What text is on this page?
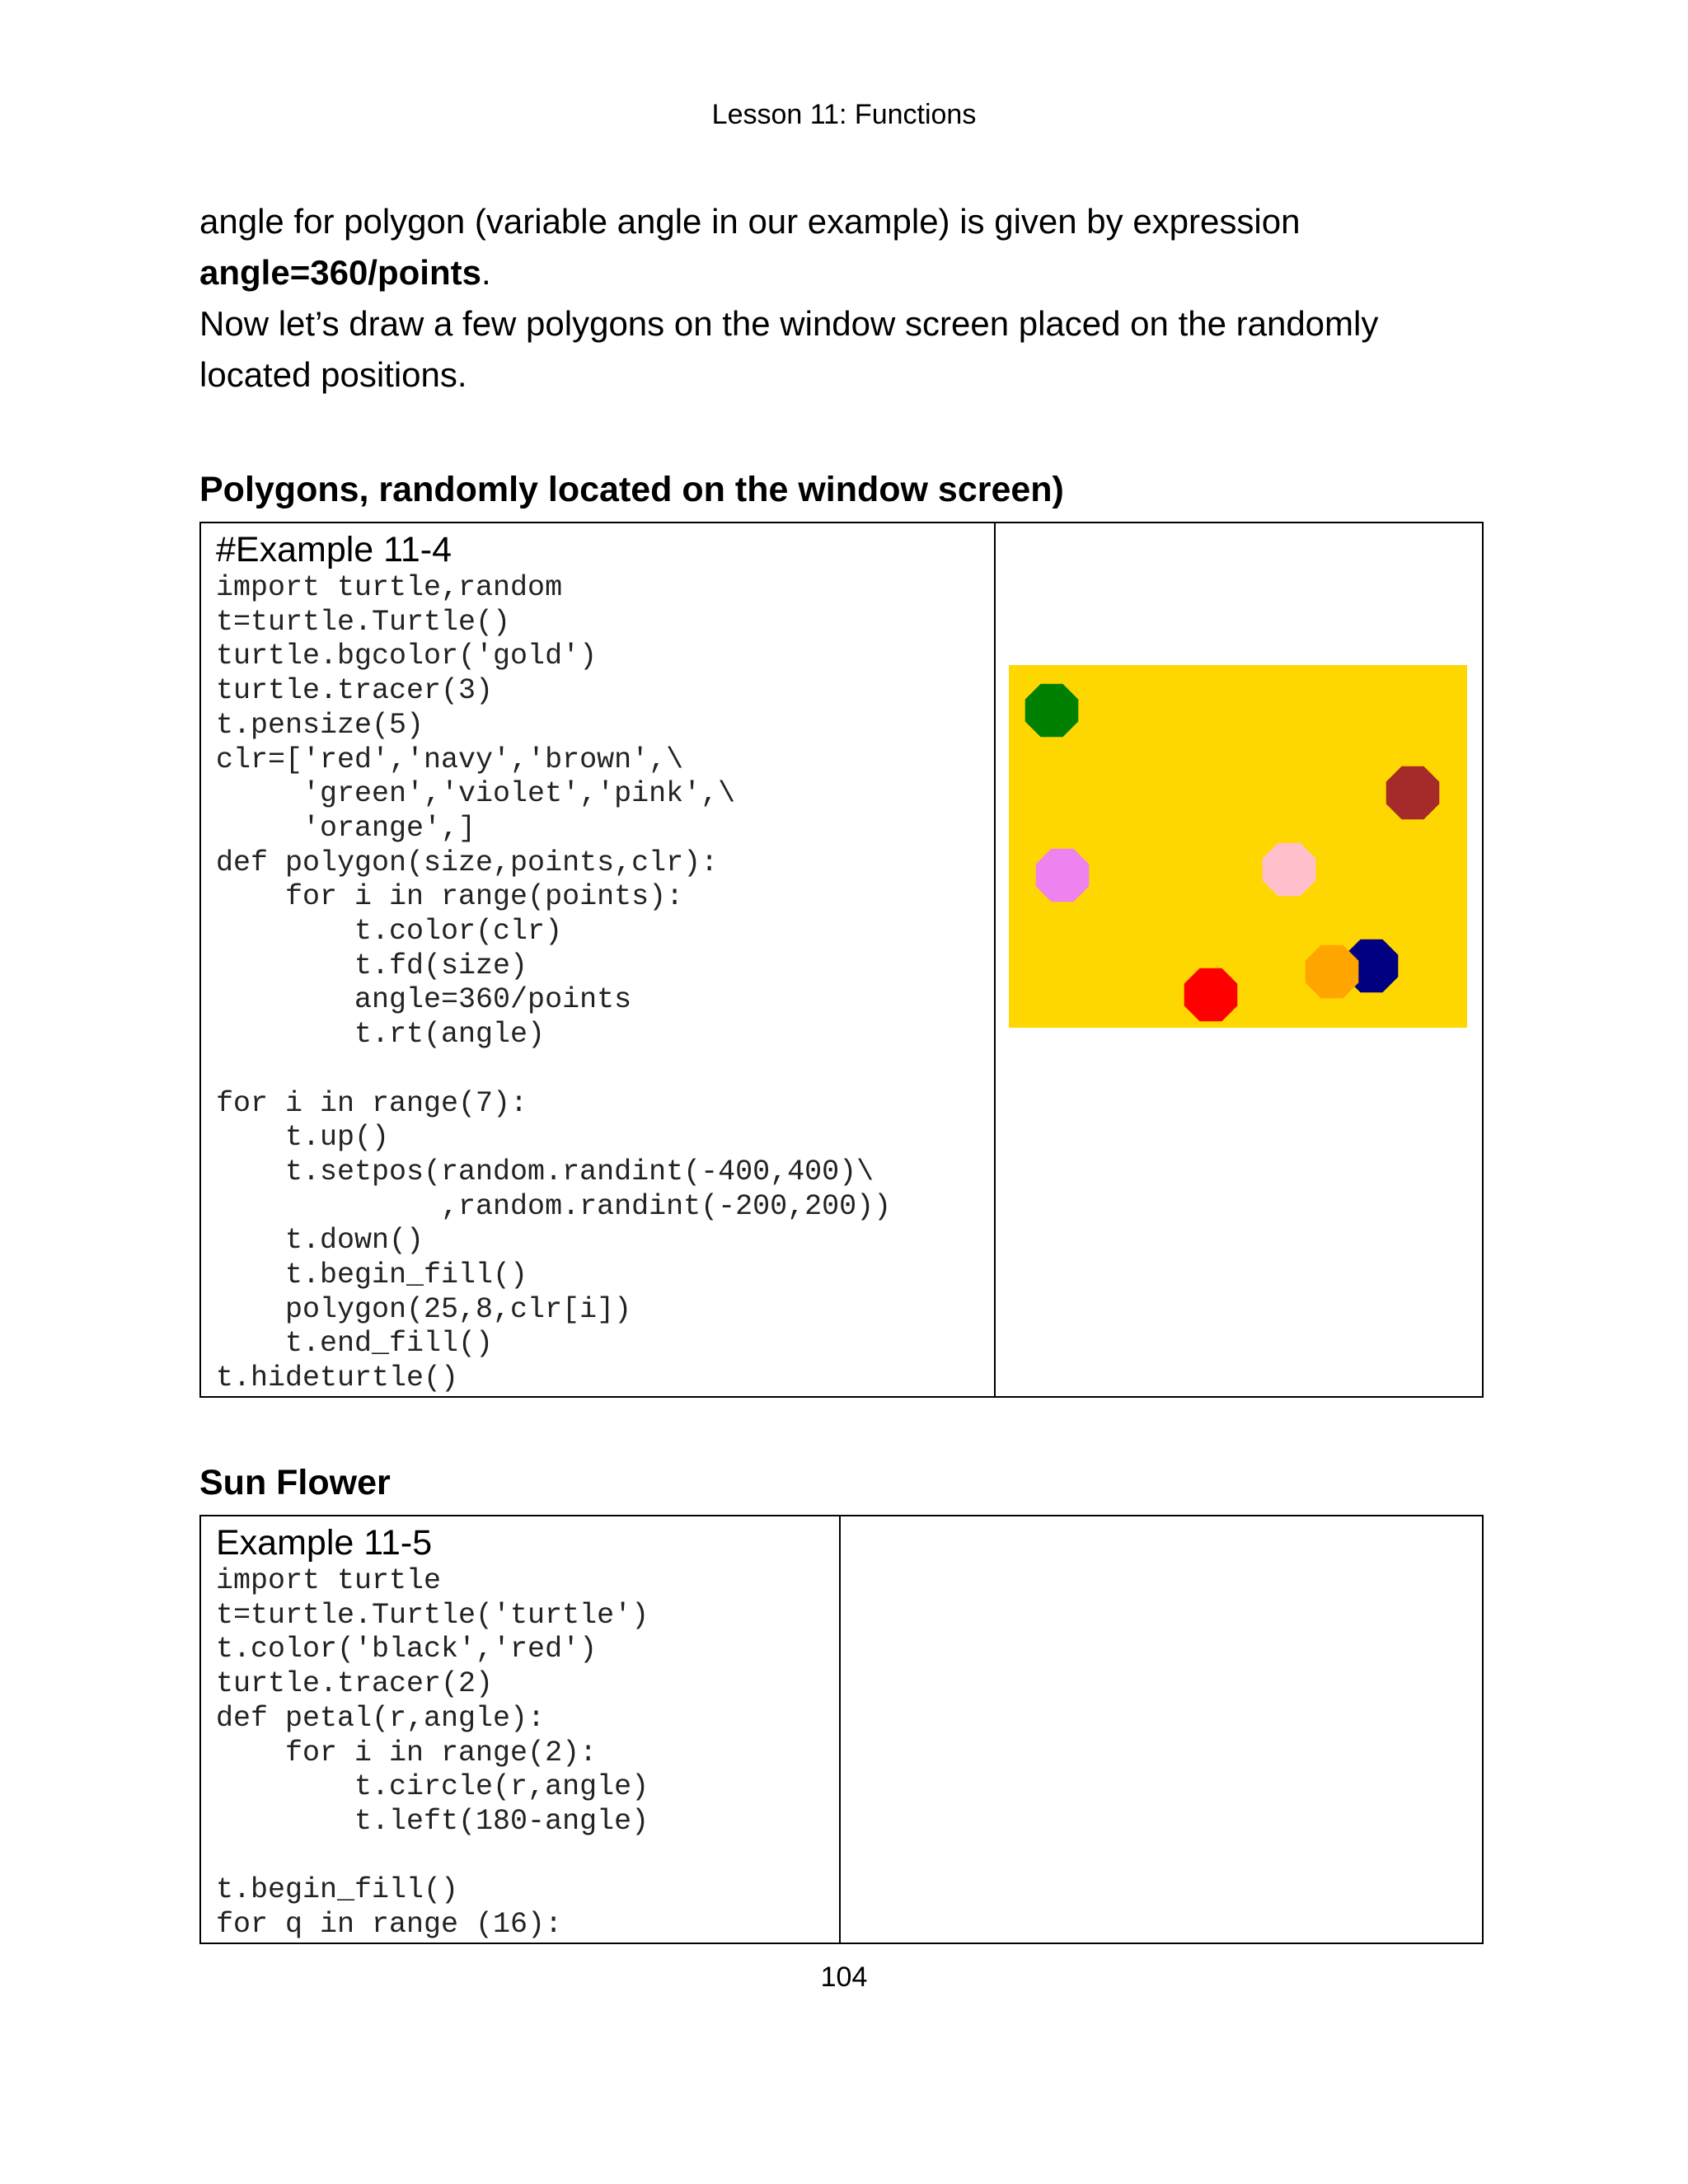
Lesson 11: Functions
angle for polygon (variable angle in our example) is given by expression
angle=360/points.
Now let’s draw a few polygons on the window screen placed on the randomly
located positions.
Polygons, randomly located on the window screen)
#Example 11-4
import turtle,random
t=turtle.Turtle()
turtle.bgcolor('gold')
turtle.tracer(3)
t.pensize(5)
clr=['red','navy','brown',\
'green','violet','pink',\
'orange',]
def polygon(size,points,clr):
for i in range(points):
t.color(clr)
t.fd(size)
angle=360/points
t.rt(angle)
for i in range(7):
t.up()
t.setpos(random.randint(-400,400)\
,random.randint(-200,200))
t.down()
t.begin_fill()
polygon(25,8,clr[i])
t.end_fill()
t.hideturtle()

Sun Flower
Example 11-5
import turtle
t=turtle.Turtle('turtle')
t.color('black','red')
turtle.tracer(2)
def petal(r,angle):
for i in range(2):
t.circle(r,angle)
t.left(180-angle)
t.begin_fill()
for q in range (16):

104
